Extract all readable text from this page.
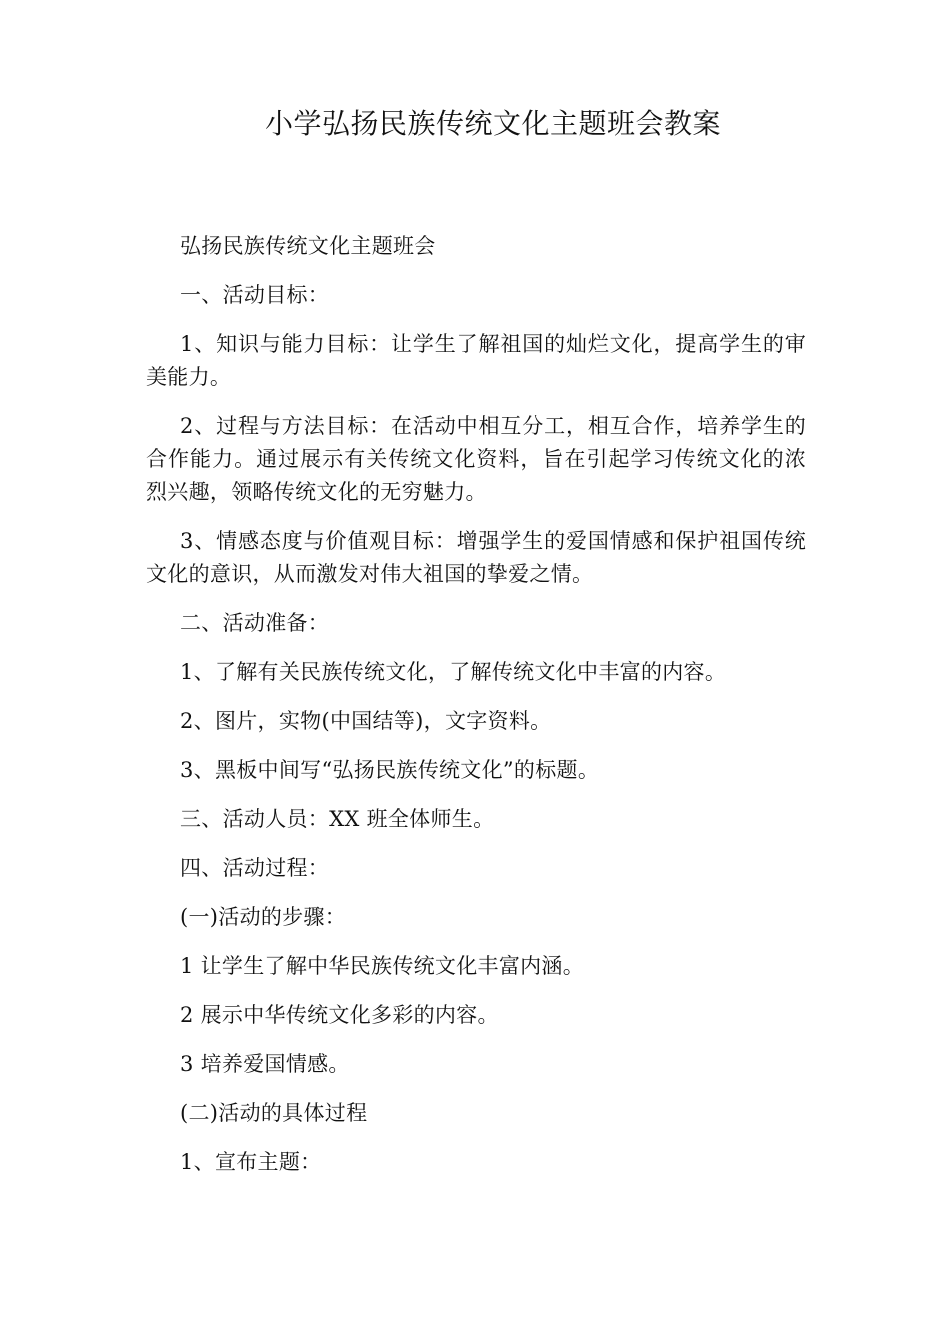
小学弘扬民族传统文化主题班会教案

弘扬民族传统文化主题班会

一、活动目标：

1、知识与能力目标：让学生了解祖国的灿烂文化，提高学生的审美能力。

2、过程与方法目标：在活动中相互分工，相互合作，培养学生的合作能力。通过展示有关传统文化资料，旨在引起学习传统文化的浓烈兴趣，领略传统文化的无穷魅力。

3、情感态度与价值观目标：增强学生的爱国情感和保护祖国传统文化的意识，从而激发对伟大祖国的挚爱之情。

二、活动准备：

1、了解有关民族传统文化，了解传统文化中丰富的内容。

2、图片，实物(中国结等)，文字资料。

3、黑板中间写“弘扬民族传统文化”的标题。

三、活动人员：XX 班全体师生。

四、活动过程：

(一)活动的步骤：

1 让学生了解中华民族传统文化丰富内涵。

2 展示中华传统文化多彩的内容。

3 培养爱国情感。

(二)活动的具体过程

1、宣布主题：
